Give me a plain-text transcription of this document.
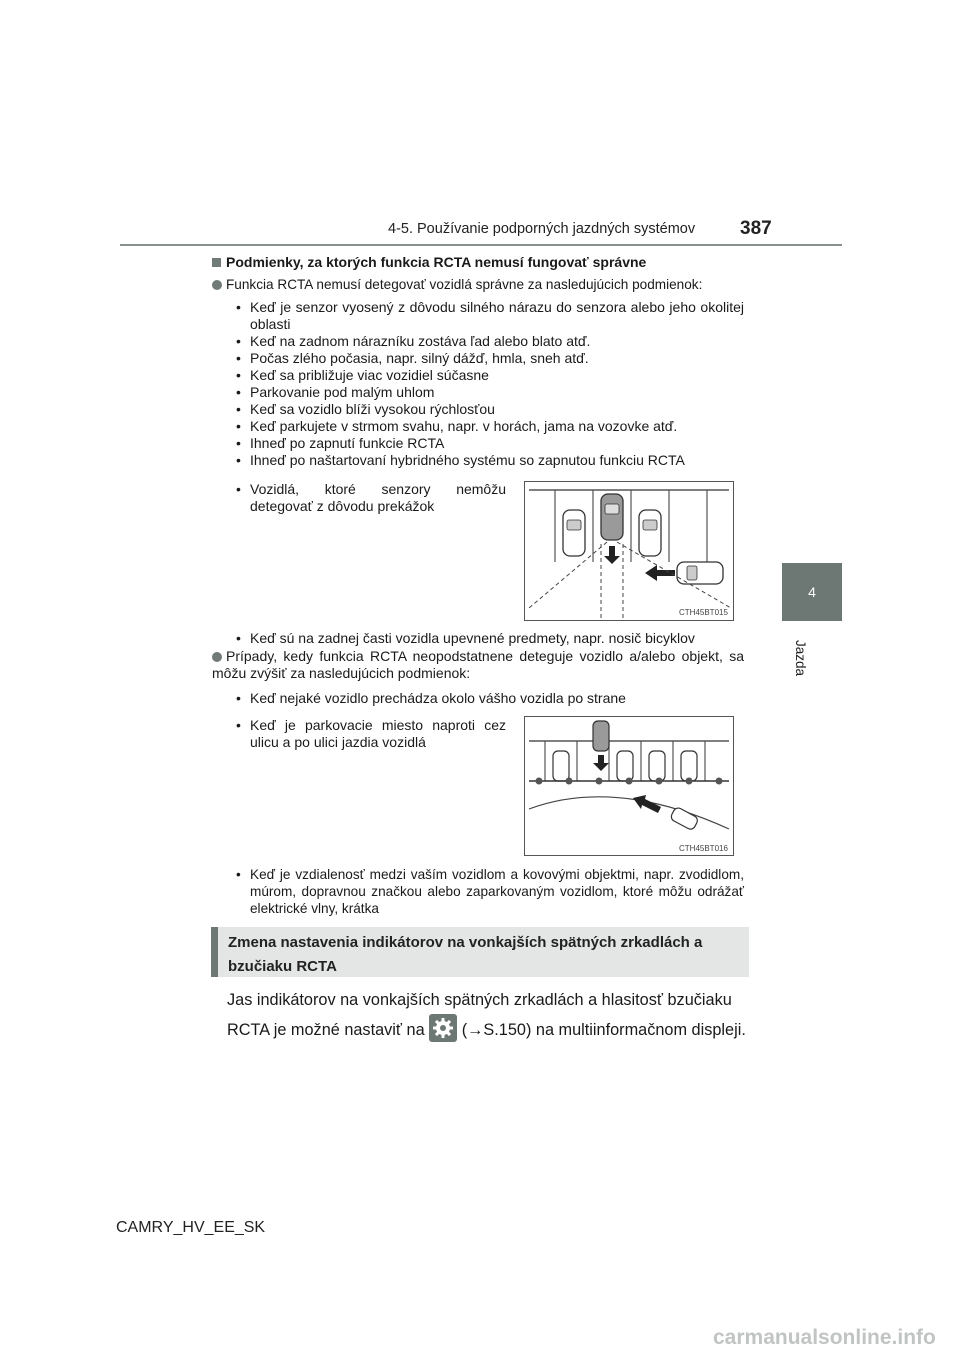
4-5. Používanie podporných jazdných systémov 387
4
Jazda
Podmienky, za ktorých funkcia RCTA nemusí fungovať správne
Funkcia RCTA nemusí detegovať vozidlá správne za nasledujúcich podmienok:
• Keď je senzor vyosený z dôvodu silného nárazu do senzora alebo jeho okolitej oblasti
• Keď na zadnom nárazníku zostáva ľad alebo blato atď.
• Počas zlého počasia, napr. silný dážď, hmla, sneh atď.
• Keď sa približuje viac vozidiel súčasne
• Parkovanie pod malým uhlom
• Keď sa vozidlo blíži vysokou rýchlosťou
• Keď parkujete v strmom svahu, napr. v horách, jama na vozovke atď.
• Ihneď po zapnutí funkcie RCTA
• Ihneď po naštartovaní hybridného systému so zapnutou funkciu RCTA
• Vozidlá, ktoré senzory nemôžu detegovať z dôvodu prekážok
CTH45BT015
• Keď sú na zadnej časti vozidla upevnené predmety, napr. nosič bicyklov
Prípady, kedy funkcia RCTA neopodstatnene deteguje vozidlo a/alebo objekt, sa môžu zvýšiť za nasledujúcich podmienok:
• Keď nejaké vozidlo prechádza okolo vášho vozidla po strane
• Keď je parkovacie miesto naproti cez ulicu a po ulici jazdia vozidlá
CTH45BT016
• Keď je vzdialenosť medzi vaším vozidlom a kovovými objektmi, napr. zvodidlom, múrom, dopravnou značkou alebo zaparkovaným vozidlom, ktoré môžu odrážať elektrické vlny, krátka
Zmena nastavenia indikátorov na vonkajších spätných zrkadlách a bzučiaku RCTA
Jas indikátorov na vonkajších spätných zrkadlách a hlasitosť bzučiaku
RCTA je možné nastaviť na (→S.150) na multiinformačnom displeji.
CAMRY_HV_EE_SK
carmanualsonline.info
